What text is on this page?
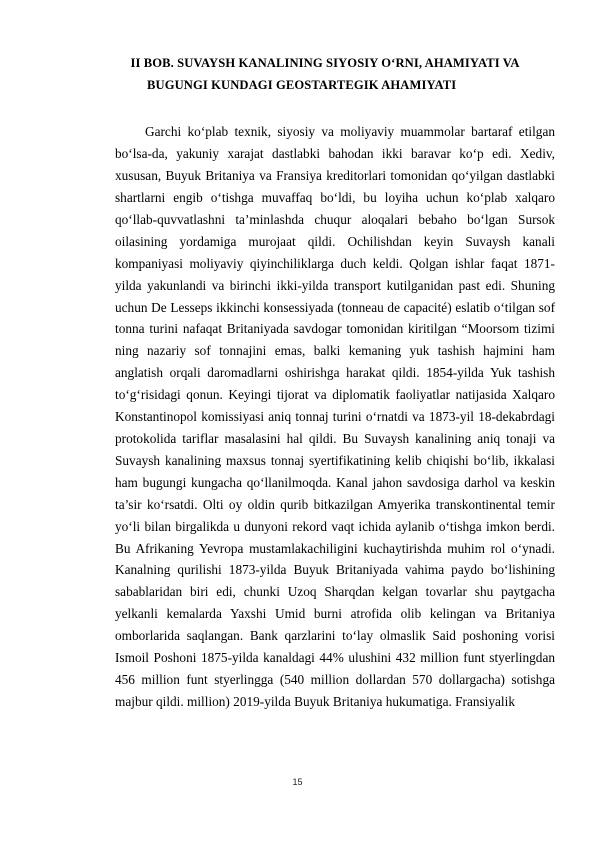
II BOB. SUVAYSH KANALINING SIYOSIY O‘RNI, AHAMIYATI VA
BUGUNGI KUNDAGI GEOSTARTEGIK AHAMIYATI

Garchi ko‘plab texnik, siyosiy va moliyaviy muammolar bartaraf etilgan bo‘lsa-da, yakuniy xarajat dastlabki bahodan ikki baravar ko‘p edi. Xediv, xususan, Buyuk Britaniya va Fransiya kreditorlari tomonidan qo‘yilgan dastlabki shartlarni engib o‘tishga muvaffaq bo‘ldi, bu loyiha uchun ko‘plab xalqaro qo‘llab-quvvatlashni ta’minlashda chuqur aloqalari bebaho bo‘lgan Sursok oilasining yordamiga murojaat qildi. Ochilishdan keyin Suvaysh kanali kompaniyasi moliyaviy qiyinchiliklarga duch keldi. Qolgan ishlar faqat 1871-yilda yakunlandi va birinchi ikki-yilda transport kutilganidan past edi. Shuning uchun De Lesseps ikkinchi konsessiyada (tonneau de capacité) eslatib o‘tilgan sof tonna turini nafaqat Britaniyada savdogar tomonidan kiritilgan “Moorsom tizimi ning nazariy sof tonnajini emas, balki kemaning yuk tashish hajmini ham anglatish orqali daromadlarni oshirishga harakat qildi. 1854-yilda Yuk tashish to‘g‘risidagi qonun. Keyingi tijorat va diplomatik faoliyatlar natijasida Xalqaro Konstantinopol komissiyasi aniq tonnaj turini o‘rnatdi va 1873-yil 18-dekabrdagi protokolida tariflar masalasini hal qildi. Bu Suvaysh kanalining aniq tonaji va Suvaysh kanalining maxsus tonnaj syertifikatining kelib chiqishi bo‘lib, ikkalasi ham bugungi kungacha qo‘llanilmoqda. Kanal jahon savdosiga darhol va keskin ta’sir ko‘rsatdi. Olti oy oldin qurib bitkazilgan Amyerika transkontinental temir yo‘li bilan birgalikda u dunyoni rekord vaqt ichida aylanib o‘tishga imkon berdi. Bu Afrikaning Yevropa mustamlakachiligini kuchaytirishda muhim rol o‘ynadi. Kanalning qurilishi 1873-yilda Buyuk Britaniyada vahima paydo bo‘lishining sabablaridan biri edi, chunki Uzoq Sharqdan kelgan tovarlar shu paytgacha yelkanli kemalarda Yaxshi Umid burni atrofida olib kelingan va Britaniya omborlarida saqlangan. Bank qarzlarini to‘lay olmaslik Said poshoning vorisi Ismoil Poshoni 1875-yilda kanaldagi 44% ulushini 432 million funt styerlingdan 456 million funt styerlingga (540 million dollardan 570 dollargacha) sotishga majbur qildi. million) 2019-yilda Buyuk Britaniya hukumatiga. Fransiyalik

15
